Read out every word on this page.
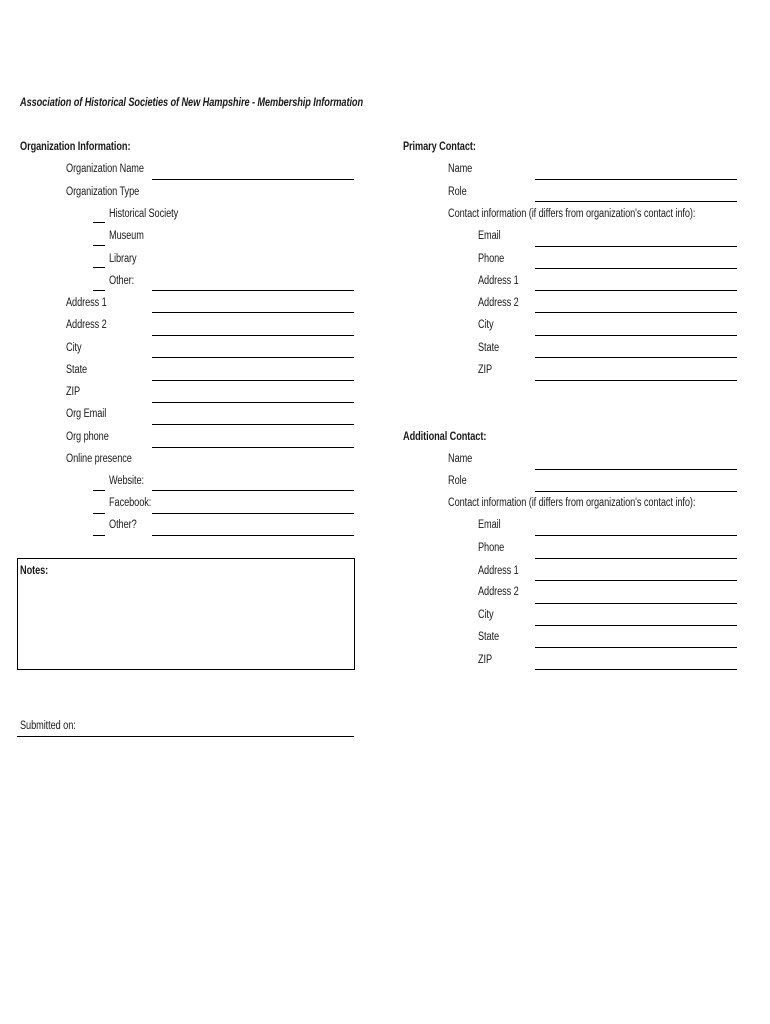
Association of Historical Societies of New Hampshire - Membership Information
Organization Information:
Organization Name
Organization Type
Historical Society
Museum
Library
Other:
Address 1
Address 2
City
State
ZIP
Org Email
Org phone
Online presence
Website:
Facebook:
Other?
Notes:
Submitted on:
Primary Contact:
Name
Role
Contact information (if differs from organization's contact info):
Email
Phone
Address 1
Address 2
City
State
ZIP
Additional Contact:
Name
Role
Contact information (if differs from organization's contact info):
Email
Phone
Address 1
Address 2
City
State
ZIP
